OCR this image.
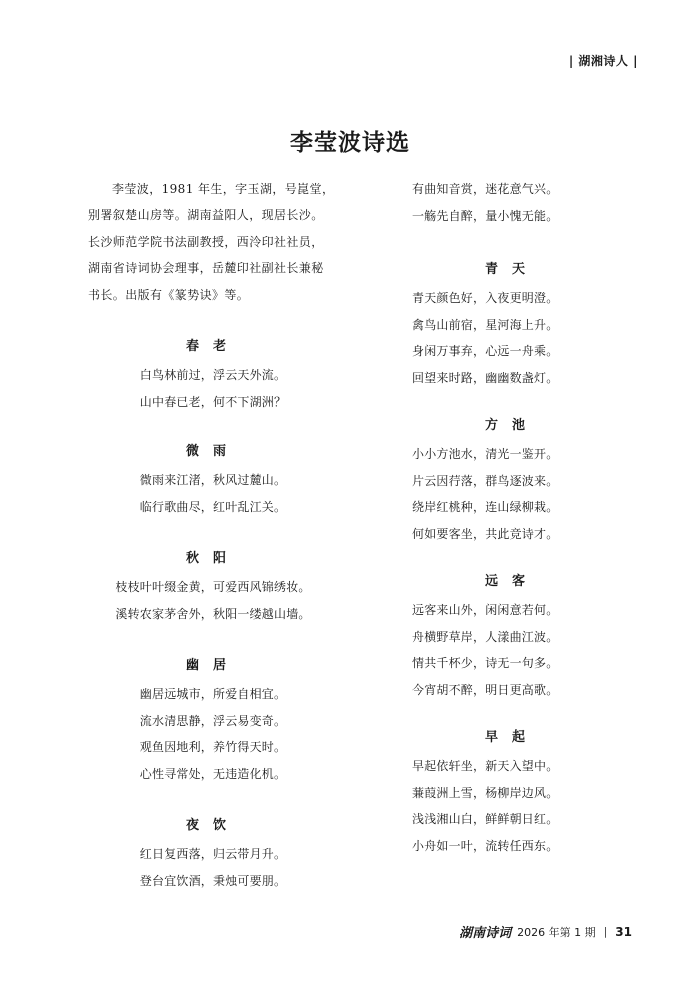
| 湖湘诗人 |
李莹波诗选

李莹波，1981 年生，字玉湖，号崑堂，
别署叙楚山房等。湖南益阳人，现居长沙。
长沙师范学院书法副教授，西泠印社社员，
湖南省诗词协会理事，岳麓印社副社长兼秘
书长。出版有《篆势诀》等。

春老
白鸟林前过，浮云天外流。
山中春已老，何不下湖洲？
微雨
微雨来江渚，秋风过麓山。
临行歌曲尽，红叶乱江关。
秋阳
枝枝叶叶缀金黄，可爱西风锦绣妆。
溪转农家茅舍外，秋阳一缕越山墙。
幽居
幽居远城市，所爱自相宜。
流水清思静，浮云易变奇。
观鱼因地利，养竹得天时。
心性寻常处，无违造化机。
夜饮
红日复西落，归云带月升。
登台宜饮酒，秉烛可要朋。
有曲知音赏，迷花意气兴。
一觞先自醉，量小愧无能。
青天
青天颜色好，入夜更明澄。
禽鸟山前宿，星河海上升。
身闲万事弃，心远一舟乘。
回望来时路，幽幽数盏灯。
方池
小小方池水，清光一鉴开。
片云因荇落，群鸟逐波来。
绕岸红桃种，连山绿柳栽。
何如要客坐，共此竞诗才。
远客
远客来山外，闲闲意若何。
舟横野草岸，人漾曲江波。
情共千杯少，诗无一句多。
今宵胡不醉，明日更高歌。
早起
早起依轩坐，新天入望中。
蒹葭洲上雪，杨柳岸边风。
浅浅湘山白，鲜鲜朝日红。
小舟如一叶，流转任西东。
湖南诗词 2026 年第 1 期 | 31
